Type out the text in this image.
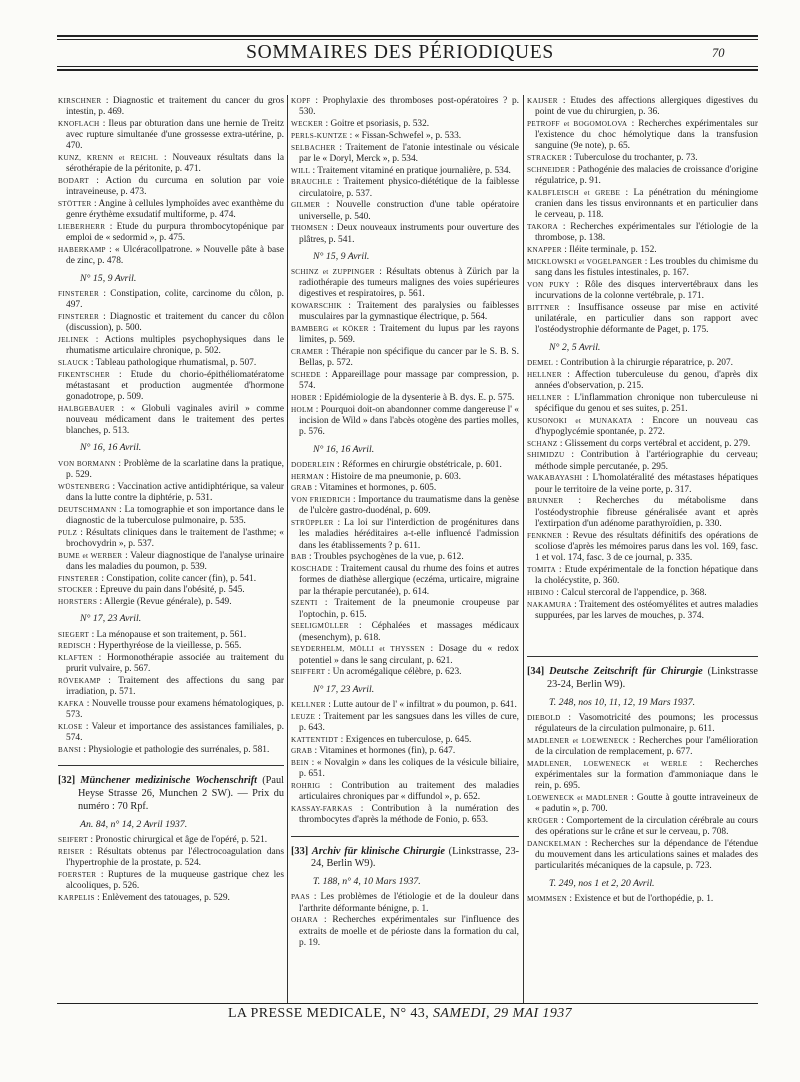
SOMMAIRES DES PÉRIODIQUES	70

KIRSCHNER : Diagnostic et traitement du cancer du gros intestin, p. 469.

KNOFLACH : Ileus par obturation dans une hernie de Treitz avec rupture simultanée d'une grossesse extra-utérine, p. 470.

KUNZ, KRENN et REICHL : Nouveaux résultats dans la sérothérapie de la péritonite, p. 471.

BODART : Action du curcuma en solution par voie intraveineuse, p. 473.

STÖTTER : Angine à cellules lymphoïdes avec exanthème du genre érythème exsudatif multiforme, p. 474.

LIEBERHERR : Etude du purpura thrombocytopénique par emploi de « sedormid », p. 475.

HABERKAMP : « Ulcéracollpatrone. » Nouvelle pâte à base de zinc, p. 478.

N° 15, 9 Avril.

FINSTERER : Constipation, colite, carcinome du côlon, p. 497.

FINSTERER : Diagnostic et traitement du cancer du côlon (discussion), p. 500.

JELINEK : Actions multiples psychophysiques dans le rhumatisme articulaire chronique, p. 502.

SLAUCK : Tableau pathologique rhumatismal, p. 507.

FIKENTSCHER : Etude du chorio-épithéliomatératome métastasant et production augmentée d'hormone gonadotrope, p. 509.

HALBGEBAUER : « Globuli vaginales aviril » comme nouveau médicament dans le traitement des pertes blanches, p. 513.

N° 16, 16 Avril.

VON BORMANN : Problème de la scarlatine dans la pratique, p. 529.

WÜSTENBERG : Vaccination active antidiphtérique, sa valeur dans la lutte contre la diphtérie, p. 531.

DEUTSCHMANN : La tomographie et son importance dans le diagnostic de la tuberculose pulmonaire, p. 535.

PULZ : Résultats cliniques dans le traitement de l'asthme; « brochovydrin », p. 537.

BUME et WERBER : Valeur diagnostique de l'analyse urinaire dans les maladies du poumon, p. 539.

FINSTERER : Constipation, colite cancer (fin), p. 541.

STOCKER : Epreuve du pain dans l'obésité, p. 545.

HORSTERS : Allergie (Revue générale), p. 549.

N° 17, 23 Avril.

SIEGERT : La ménopause et son traitement, p. 561.

REDISCH : Hyperthyréose de la vieillesse, p. 565.

KLAFTEN : Hormonothérapie associée au traitement du prurit vulvaire, p. 567.

RÖVEKAMP : Traitement des affections du sang par irradiation, p. 571.

KAFKA : Nouvelle trousse pour examens hématologiques, p. 573.

KLOSE : Valeur et importance des assistances familiales, p. 574.

BANSI : Physiologie et pathologie des surrénales, p. 581.

[32] Münchener medizinische Wochenschrift (Paul Heyse Strasse 26, Munchen 2 SW). — Prix du numéro : 70 Rpf.

An. 84, n° 14, 2 Avril 1937.

SEIFERT : Pronostic chirurgical et âge de l'opéré, p. 521.

REISER : Résultats obtenus par l'électrocoagulation dans l'hypertrophie de la prostate, p. 524.

FOERSTER : Ruptures de la muqueuse gastrique chez les alcooliques, p. 526.

KARPELIS : Enlèvement des tatouages, p. 529.

KOPF : Prophylaxie des thromboses post-opératoires ? p. 530.

WECKER : Goitre et psoriasis, p. 532.

PERLS-KUNTZE : « Fissan-Schwefel », p. 533.

SELBACHER : Traitement de l'atonie intestinale ou vésicale par le « Doryl, Merck », p. 534.

WILL : Traitement vitaminé en pratique journalière, p. 534.

BRAUCHLE : Traitement physico-diététique de la faiblesse circulatoire, p. 537.

GILMER : Nouvelle construction d'une table opératoire universelle, p. 540.

THOMSEN : Deux nouveaux instruments pour ouverture des plâtres, p. 541.

N° 15, 9 Avril.

SCHINZ et ZUPPINGER : Résultats obtenus à Zürich par la radiothérapie des tumeurs malignes des voies supérieures digestives et respiratoires, p. 561.

KOWARSCHIK : Traitement des paralysies ou faiblesses musculaires par la gymnastique électrique, p. 564.

BAMBERG et KÖKER : Traitement du lupus par les rayons limites, p. 569.

CRAMER : Thérapie non spécifique du cancer par le S. B. S. Bellas, p. 572.

SCHEDE : Appareillage pour massage par compression, p. 574.

HOBER : Epidémiologie de la dysenterie à B. dys. E. p. 575.

HOLM : Pourquoi doit-on abandonner comme dangereuse l' « incision de Wild » dans l'abcès otogène des parties molles, p. 576.

N° 16, 16 Avril.

DODERLEIN : Réformes en chirurgie obstétricale, p. 601.

HERMAN : Histoire de ma pneumonie, p. 603.

GRAB : Vitamines et hormones, p. 605.

VON FRIEDRICH : Importance du traumatisme dans la genèse de l'ulcère gastro-duodénal, p. 609.

STRÜPPLER : La loi sur l'interdiction de progénitures dans les maladies héréditaires a-t-elle influencé l'admission dans les établissements ? p. 611.

BAB : Troubles psychogènes de la vue, p. 612.

KOSCHADE : Traitement causal du rhume des foins et autres formes de diathèse allergique (eczéma, urticaire, migraine par la thérapie percutanée), p. 614.

SZENTI : Traitement de la pneumonie croupeuse par l'optochin, p. 615.

SEELIGMÜLLER : Céphalées et massages médicaux (mesenchym), p. 618.

SEYDERHELM, MÖLLI et THYSSEN : Dosage du « redox potentiel » dans le sang circulant, p. 621.

SEIFFERT : Un acromégalique célèbre, p. 623.

N° 17, 23 Avril.

KELLNER : Lutte autour de l' « infiltrat » du poumon, p. 641.

LEUZE : Traitement par les sangsues dans les villes de cure, p. 643.

KATTENTIDT : Exigences en tuberculose, p. 645.

GRAB : Vitamines et hormones (fin), p. 647.

BEIN : « Novalgin » dans les coliques de la vésicule biliaire, p. 651.

ROHRIG : Contribution au traitement des maladies articulaires chroniques par « diffundol », p. 652.

KASSAY-FARKAS : Contribution à la numération des thrombocytes d'après la méthode de Fonio, p. 653.

[33] Archiv für klinische Chirurgie (Linkstrasse, 23-24, Berlin W9).

T. 188, n° 4, 10 Mars 1937.

PAAS : Les problèmes de l'étiologie et de la douleur dans l'arthrite déformante bénigne, p. 1.

OHARA : Recherches expérimentales sur l'influence des extraits de moelle et de périoste dans la formation du cal, p. 19.

KAIJSER : Etudes des affections allergiques digestives du point de vue du chirurgien, p. 36.

PETROFF et BOGOMOLOVA : Recherches expérimentales sur l'existence du choc hémolytique dans la transfusion sanguine (9e note), p. 65.

STRACKER : Tuberculose du trochanter, p. 73.

SCHNEIDER : Pathogénie des malacies de croissance d'origine régulatrice, p. 91.

KALBFLEISCH et GREBE : La pénétration du méningiome cranien dans les tissus environnants et en particulier dans le cerveau, p. 118.

TAKORA : Recherches expérimentales sur l'étiologie de la thrombose, p. 138.

KNAPPER : Iléite terminale, p. 152.

MICKLOWSKI et VOGELPANGER : Les troubles du chimisme du sang dans les fistules intestinales, p. 167.

VON PUKY : Rôle des disques intervertébraux dans les incurvations de la colonne vertébrale, p. 171.

BITTNER : Insuffisance osseuse par mise en activité unilatérale, en particulier dans son rapport avec l'ostéodystrophie déformante de Paget, p. 175.

N° 2, 5 Avril.

DEMEL : Contribution à la chirurgie réparatrice, p. 207.

HELLNER : Affection tuberculeuse du genou, d'après dix années d'observation, p. 215.

HELLNER : L'inflammation chronique non tuberculeuse ni spécifique du genou et ses suites, p. 251.

KUSONOKI et MUNAKATA : Encore un nouveau cas d'hypoglycémie spontanée, p. 272.

SCHANZ : Glissement du corps vertébral et accident, p. 279.

SHIMIDZU : Contribution à l'artériographie du cerveau; méthode simple percutanée, p. 295.

WAKABAYASHI : L'homolatéralité des métastases hépatiques pour le territoire de la veine porte, p. 317.

BRUNNER : Recherches du métabolisme dans l'ostéodystrophie fibreuse généralisée avant et après l'extirpation d'un adénome parathyroïdien, p. 330.

FENKNER : Revue des résultats définitifs des opérations de scoliose d'après les mémoires parus dans les vol. 169, fasc. 1 et vol. 174, fasc. 3 de ce journal, p. 335.

TOMITA : Etude expérimentale de la fonction hépatique dans la cholécystite, p. 360.

HIBINO : Calcul stercoral de l'appendice, p. 368.

NAKAMURA : Traitement des ostéomyélites et autres maladies suppurées, par les larves de mouches, p. 374.

[34] Deutsche Zeitschrift für Chirurgie (Linkstrasse 23-24, Berlin W9).

T. 248, nos 10, 11, 12, 19 Mars 1937.

DIEBOLD : Vasomotricité des poumons; les processus régulateurs de la circulation pulmonaire, p. 611.

MADLENER et LOEWENECK : Recherches pour l'amélioration de la circulation de remplacement, p. 677.

MADLENER, LOEWENECK et WERLE : Recherches expérimentales sur la formation d'ammoniaque dans le rein, p. 695.

LOEWENECK et MADLENER : Goutte à goutte intraveineux de « padutin », p. 700.

KRÜGER : Comportement de la circulation cérébrale au cours des opérations sur le crâne et sur le cerveau, p. 708.

DANCKELMAN : Recherches sur la dépendance de l'étendue du mouvement dans les articulations saines et malades des particularités mécaniques de la capsule, p. 723.

T. 249, nos 1 et 2, 20 Avril.

MOMMSEN : Existence et but de l'orthopédie, p. 1.

LA PRESSE MEDICALE, N° 43, SAMEDI, 29 MAI 1937
